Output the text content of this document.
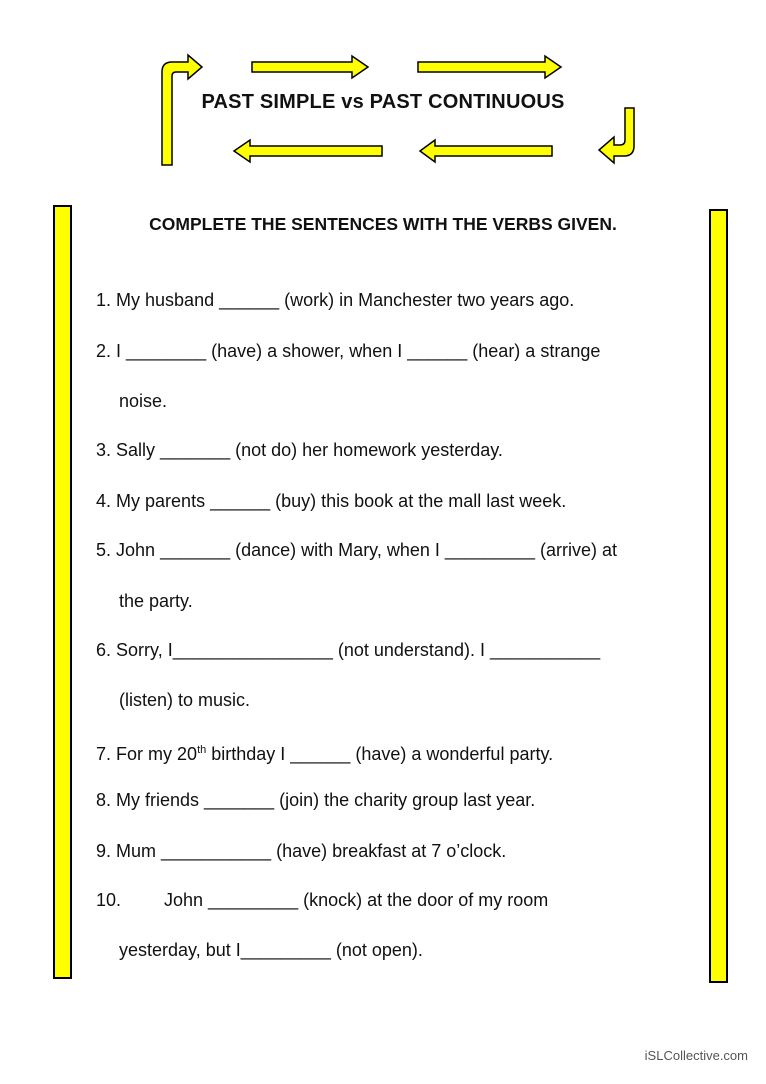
PAST SIMPLE vs PAST CONTINUOUS
COMPLETE THE SENTENCES WITH THE VERBS GIVEN.
1. My husband ______ (work) in Manchester two years ago.
2. I ________ (have) a shower, when I ______ (hear) a strange
noise.
3. Sally _______ (not do) her homework yesterday.
4. My parents ______ (buy) this book at the mall last week.
5. John _______ (dance) with Mary, when I _________ (arrive) at
the party.
6. Sorry, I________________ (not understand). I ___________
(listen) to music.
7. For my 20th birthday I ______ (have) a wonderful party.
8. My friends _______ (join) the charity group last year.
9. Mum ___________ (have) breakfast at 7 o’clock.
10. John _________ (knock) at the door of my room
yesterday, but I_________ (not open).
iSLCollective.com
